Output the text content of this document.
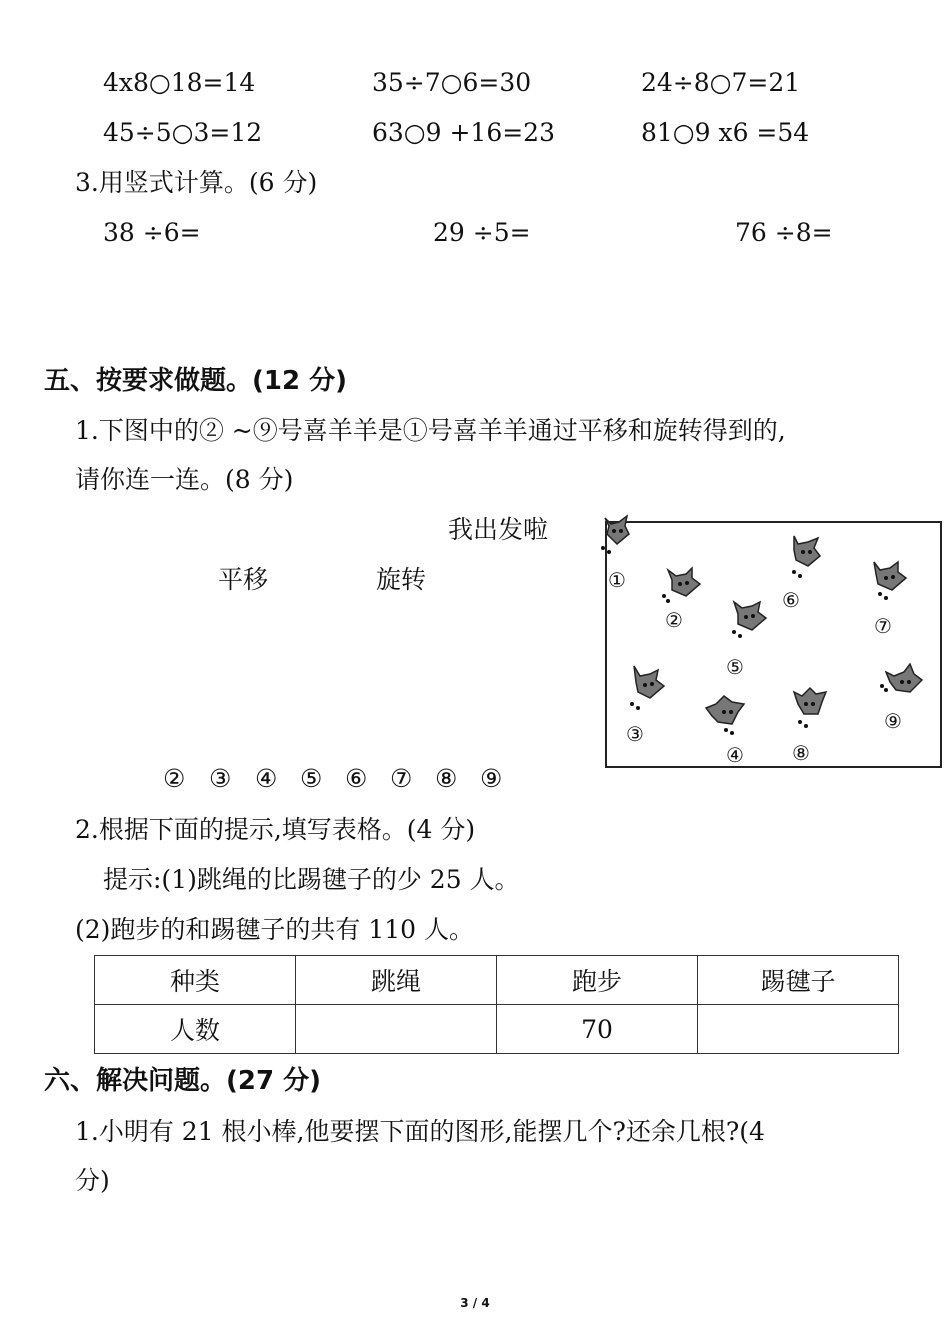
4x8○18=14	35÷7○6=30	24÷8○7=21
45÷5○3=12	63○9 +16=23	81○9 x6 =54
3.用竖式计算。(6 分)
38 ÷6=	29 ÷5=	76 ÷8=
五、按要求做题。(12 分)
1.下图中的② ~⑨号喜羊羊是①号喜羊羊通过平移和旋转得到的,
请你连一连。(8 分)
我出发啦
平移	旋转
② ③ ④ ⑤ ⑥ ⑦ ⑧ ⑨
①
②
③
④
⑤
⑥
⑦
⑧
⑨
2.根据下面的提示,填写表格。(4 分)
提示:(1)跳绳的比踢毽子的少 25 人。
(2)跑步的和踢毽子的共有 110 人。
种类	跳绳	跑步	踢毽子
人数		70	
六、解决问题。(27 分)
1.小明有 21 根小棒,他要摆下面的图形,能摆几个?还余几根?(4
分)
3 / 4
